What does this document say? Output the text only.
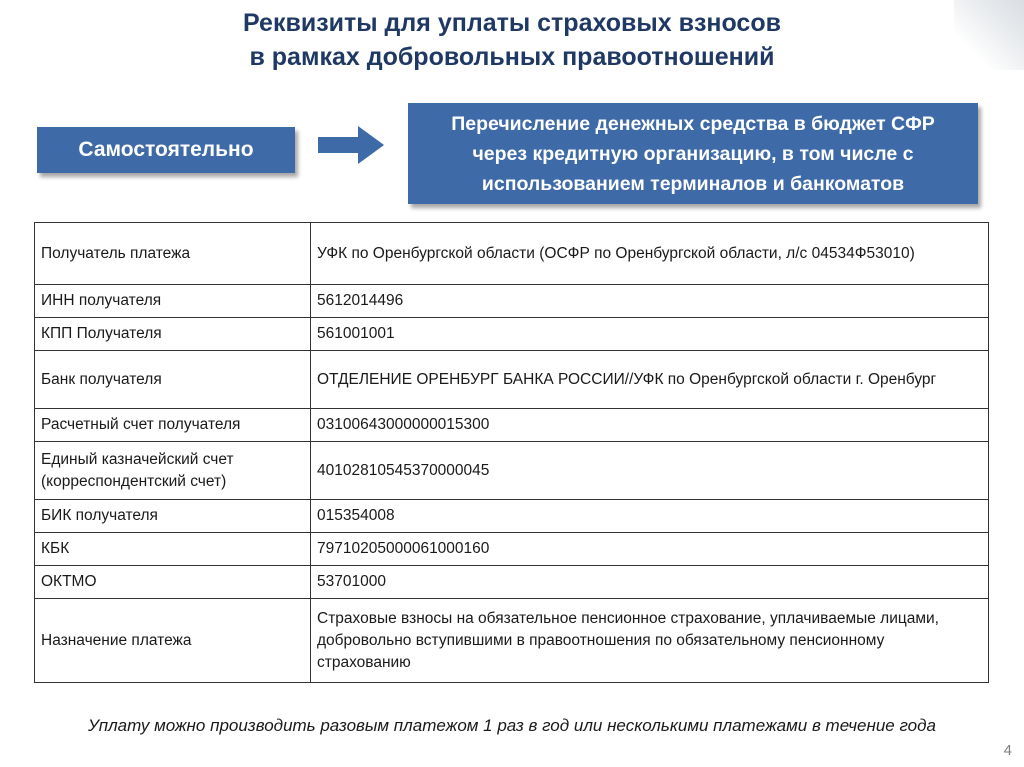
Реквизиты для уплаты страховых взносов
в рамках добровольных правоотношений
Самостоятельно
Перечисление денежных средства в бюджет СФР
через кредитную организацию, в том числе с
использованием терминалов и банкоматов
Получатель платежа	УФК по Оренбургской области (ОСФР по Оренбургской области, л/с 04534Ф53010)
ИНН получателя	5612014496
КПП Получателя	561001001
Банк получателя	ОТДЕЛЕНИЕ ОРЕНБУРГ БАНКА РОССИИ//УФК по Оренбургской области г. Оренбург
Расчетный счет получателя	03100643000000015300
Единый казначейский счет (корреспондентский счет)	40102810545370000045
БИК получателя	015354008
КБК	79710205000061000160
ОКТМО	53701000
Назначение платежа	Страховые взносы на обязательное пенсионное страхование, уплачиваемые лицами, добровольно вступившими в правоотношения по обязательному пенсионному страхованию
Уплату можно производить разовым платежом 1 раз в год или несколькими платежами в течение года
4
